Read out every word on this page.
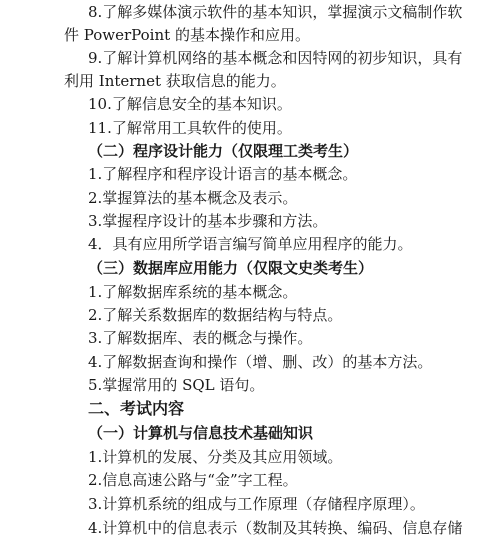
8.了解多媒体演示软件的基本知识，掌握演示文稿制作软
件 PowerPoint 的基本操作和应用。
9.了解计算机网络的基本概念和因特网的初步知识，具有
利用 Internet 获取信息的能力。
10.了解信息安全的基本知识。
11.了解常用工具软件的使用。
（二）程序设计能力（仅限理工类考生）
1.了解程序和程序设计语言的基本概念。
2.掌握算法的基本概念及表示。
3.掌握程序设计的基本步骤和方法。
4．具有应用所学语言编写简单应用程序的能力。
（三）数据库应用能力（仅限文史类考生）
1.了解数据库系统的基本概念。
2.了解关系数据库的数据结构与特点。
3.了解数据库、表的概念与操作。
4.了解数据查询和操作（增、删、改）的基本方法。
5.掌握常用的 SQL 语句。
二、考试内容
（一）计算机与信息技术基础知识
1.计算机的发展、分类及其应用领域。
2.信息高速公路与“金”字工程。
3.计算机系统的组成与工作原理（存储程序原理）。
4.计算机中的信息表示（数制及其转换、编码、信息存储
